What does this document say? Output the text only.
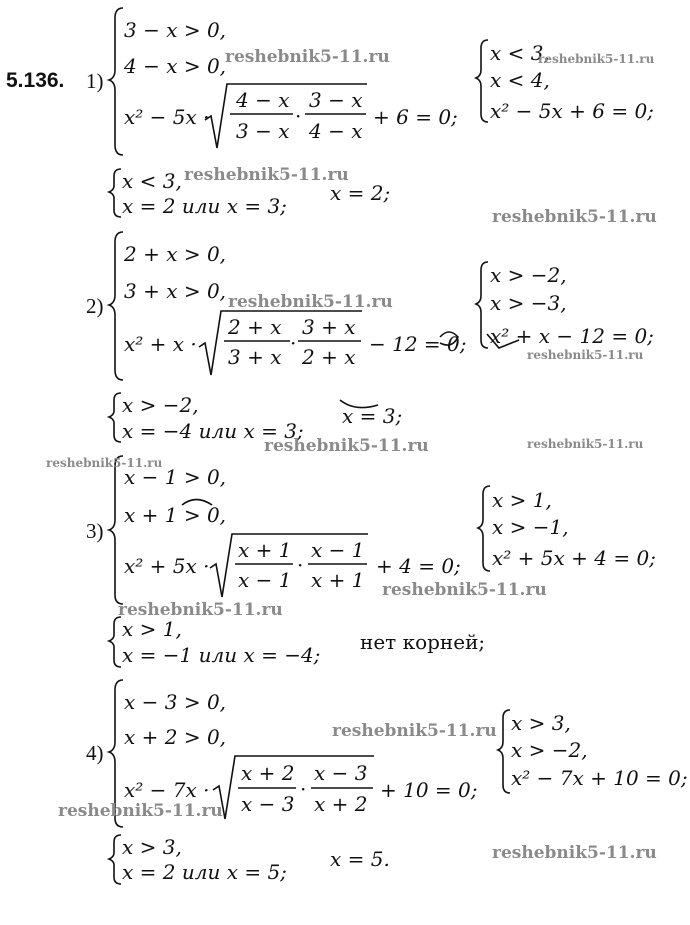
5.136. 1)
3 − x > 0,
4 − x > 0,
x² − 5x ·
4 − x
3 − x
·
3 − x
4 − x
+ 6 = 0;
x < 3,
x < 4,
x² − 5x + 6 = 0;
x < 3,
x = 2 или x = 3;
x = 2;
2)
2 + x > 0,
3 + x > 0,
x² + x ·
2 + x
3 + x
·
3 + x
2 + x
− 12 = 0;
x > −2,
x > −3,
x² + x − 12 = 0;
x > −2,
x = −4 или x = 3;
x = 3;
3)
x − 1 > 0,
x + 1 > 0,
x² + 5x ·
x + 1
x − 1
·
x − 1
x + 1
+ 4 = 0;
x > 1,
x > −1,
x² + 5x + 4 = 0;
x > 1,
x = −1 или x = −4;
нет корней;
4)
x − 3 > 0,
x + 2 > 0,
x² − 7x ·
x + 2
x − 3
·
x − 3
x + 2
+ 10 = 0;
x > 3,
x > −2,
x² − 7x + 10 = 0;
x > 3,
x = 2 или x = 5;
x = 5.
reshebnik5-11.ru	reshebnik5-11.ru
reshebnik5-11.ru
reshebnik5-11.ru
reshebnik5-11.ru
reshebnik5-11.ru
reshebnik5-11.ru	reshebnik5-11.ru
reshebnik5-11.ru
reshebnik5-11.ru
reshebnik5-11.ru
reshebnik5-11.ru
reshebnik5-11.ru
reshebnik5-11.ru
